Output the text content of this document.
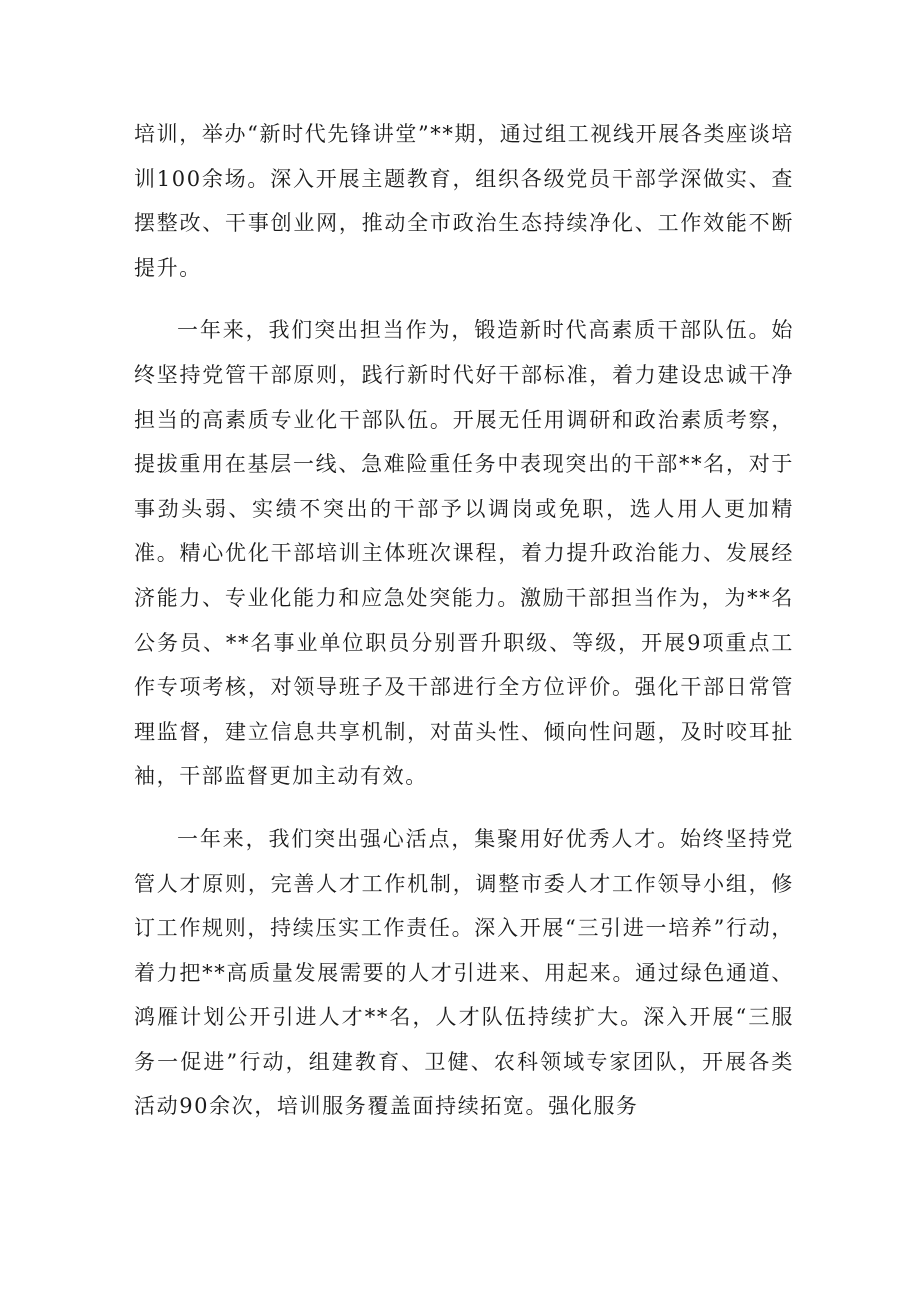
培训，举办“新时代先锋讲堂”**期，通过组工视线开展各类座谈培训100余场。深入开展主题教育，组织各级党员干部学深做实、查摆整改、干事创业网，推动全市政治生态持续净化、工作效能不断提升。

一年来，我们突出担当作为，锻造新时代高素质干部队伍。始终坚持党管干部原则，践行新时代好干部标准，着力建设忠诚干净担当的高素质专业化干部队伍。开展无任用调研和政治素质考察，提拔重用在基层一线、急难险重任务中表现突出的干部**名，对于事劲头弱、实绩不突出的干部予以调岗或免职，选人用人更加精准。精心优化干部培训主体班次课程，着力提升政治能力、发展经济能力、专业化能力和应急处突能力。激励干部担当作为，为**名公务员、**名事业单位职员分别晋升职级、等级，开展9项重点工作专项考核，对领导班子及干部进行全方位评价。强化干部日常管理监督，建立信息共享机制，对苗头性、倾向性问题，及时咬耳扯袖，干部监督更加主动有效。

一年来，我们突出强心活点，集聚用好优秀人才。始终坚持党管人才原则，完善人才工作机制，调整市委人才工作领导小组，修订工作规则，持续压实工作责任。深入开展“三引进一培养”行动，着力把**高质量发展需要的人才引进来、用起来。通过绿色通道、鸿雁计划公开引进人才**名，人才队伍持续扩大。深入开展“三服务一促进”行动，组建教育、卫健、农科领域专家团队，开展各类活动90余次，培训服务覆盖面持续拓宽。强化服务
